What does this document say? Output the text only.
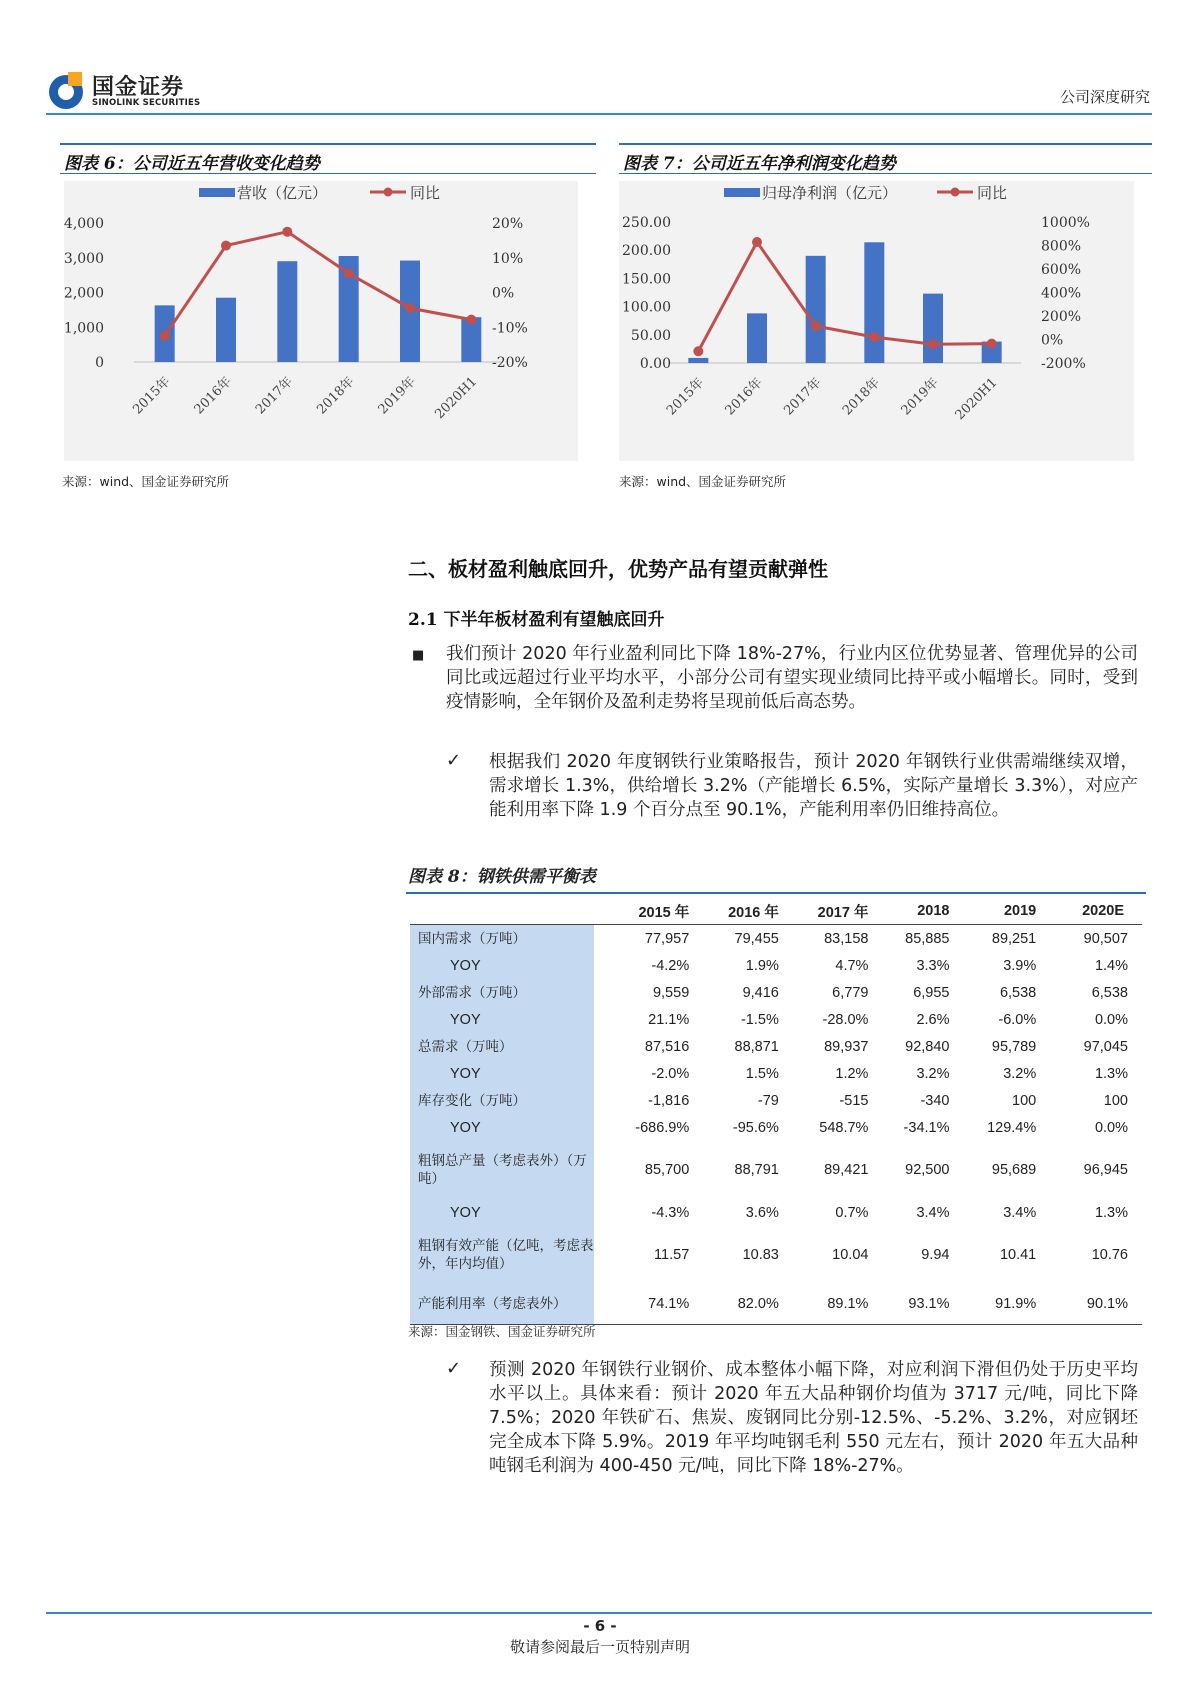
国金证券
SINOLINK SECURITIES	公司深度研究
图表 6：公司近五年营收变化趋势
0
1,000
2,000
3,000
4,000
-20%
-10%
0%
10%
20%
2015年 2016年 2017年 2018年 2019年 2020H1
营收（亿元）	同比
来源：wind、国金证券研究所
图表 7：公司近五年净利润变化趋势
0.00
50.00
100.00
150.00
200.00
250.00
-200%
0%
200%
400%
600%
800%
1000%
2015年 2016年 2017年 2018年 2019年 2020H1
归母净利润（亿元）	同比
来源：wind、国金证券研究所
二、板材盈利触底回升，优势产品有望贡献弹性
2.1 下半年板材盈利有望触底回升
■ 我们预计 2020 年行业盈利同比下降 18%-27%，行业内区位优势显著、管理优异的公司同比或远超过行业平均水平，小部分公司有望实现业绩同比持平或小幅增长。同时，受到疫情影响，全年钢价及盈利走势将呈现前低后高态势。
✓ 根据我们 2020 年度钢铁行业策略报告，预计 2020 年钢铁行业供需端继续双增，需求增长 1.3%，供给增长 3.2%（产能增长 6.5%，实际产量增长 3.3%），对应产能利用率下降 1.9 个百分点至 90.1%，产能利用率仍旧维持高位。
图表 8：钢铁供需平衡表
	2015 年	2016 年	2017 年	2018	2019	2020E
国内需求（万吨）	77,957	79,455	83,158	85,885	89,251	90,507
YOY	-4.2%	1.9%	4.7%	3.3%	3.9%	1.4%
外部需求（万吨）	9,559	9,416	6,779	6,955	6,538	6,538
YOY	21.1%	-1.5%	-28.0%	2.6%	-6.0%	0.0%
总需求（万吨）	87,516	88,871	89,937	92,840	95,789	97,045
YOY	-2.0%	1.5%	1.2%	3.2%	3.2%	1.3%
库存变化（万吨）	-1,816	-79	-515	-340	100	100
YOY	-686.9%	-95.6%	548.7%	-34.1%	129.4%	0.0%
粗钢总产量（考虑表外）（万吨）	85,700	88,791	89,421	92,500	95,689	96,945
YOY	-4.3%	3.6%	0.7%	3.4%	3.4%	1.3%
粗钢有效产能（亿吨，考虑表外，年内均值）	11.57	10.83	10.04	9.94	10.41	10.76
产能利用率（考虑表外）	74.1%	82.0%	89.1%	93.1%	91.9%	90.1%
来源：国金钢铁、国金证券研究所
✓ 预测 2020 年钢铁行业钢价、成本整体小幅下降，对应利润下滑但仍处于历史平均水平以上。具体来看：预计 2020 年五大品种钢价均值为 3717 元/吨，同比下降 7.5%；2020 年铁矿石、焦炭、废钢同比分别-12.5%、-5.2%、3.2%，对应钢坯完全成本下降 5.9%。2019 年平均吨钢毛利 550 元左右，预计 2020 年五大品种吨钢毛利润为 400-450 元/吨，同比下降 18%-27%。
- 6 -
敬请参阅最后一页特别声明
